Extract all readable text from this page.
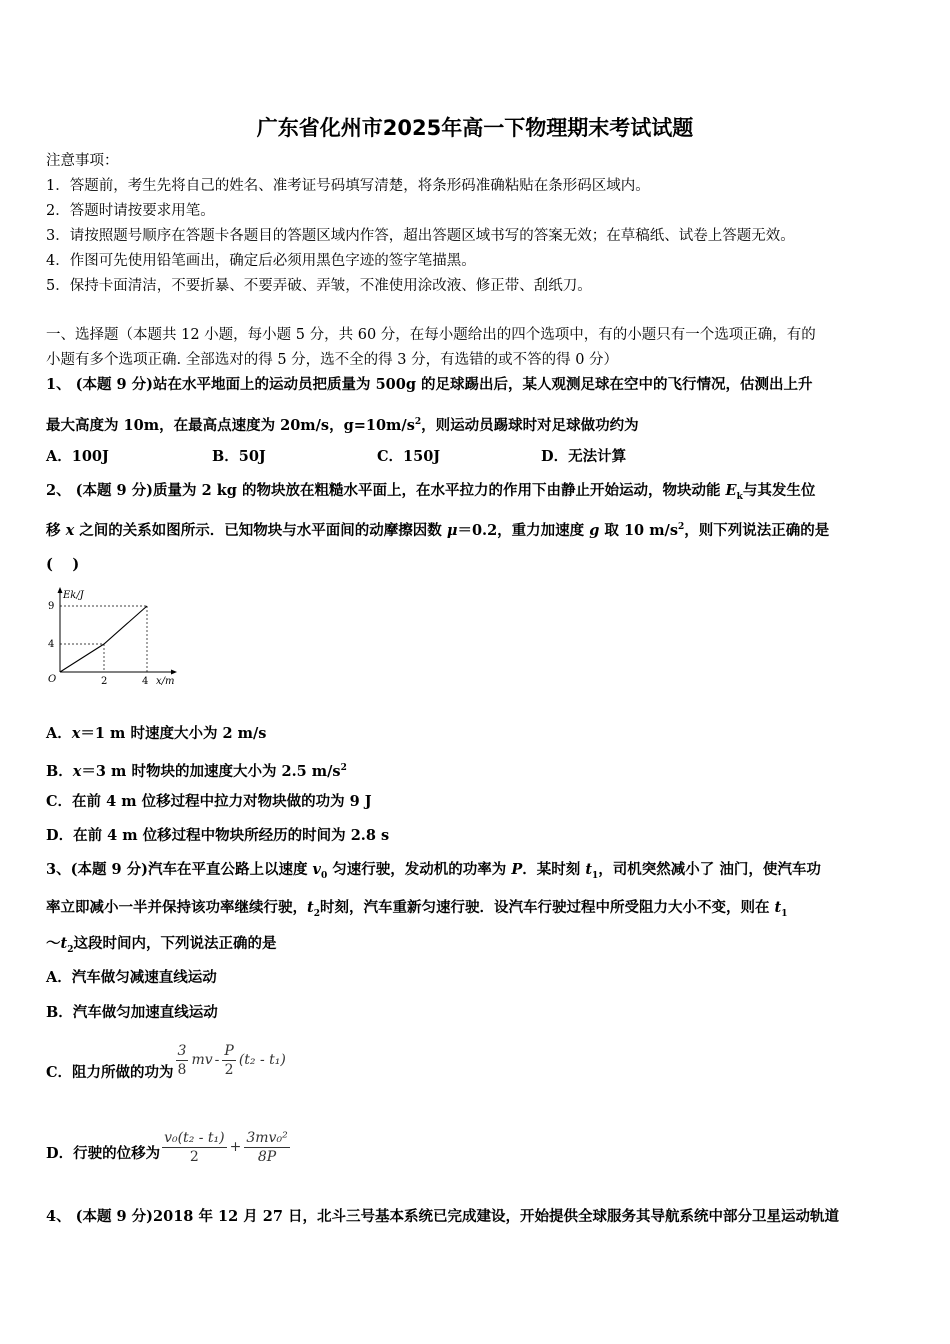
广东省化州市2025年高一下物理期末考试试题
注意事项：
1．答题前，考生先将自己的姓名、准考证号码填写清楚，将条形码准确粘贴在条形码区域内。
2．答题时请按要求用笔。
3．请按照题号顺序在答题卡各题目的答题区域内作答，超出答题区域书写的答案无效；在草稿纸、试卷上答题无效。
4．作图可先使用铅笔画出，确定后必须用黑色字迹的签字笔描黑。
5．保持卡面清洁，不要折暴、不要弄破、弄皱，不准使用涂改液、修正带、刮纸刀。
一、选择题（本题共 12 小题，每小题 5 分，共 60 分，在每小题给出的四个选项中，有的小题只有一个选项正确，有的
小题有多个选项正确. 全部选对的得 5 分，选不全的得 3 分，有选错的或不答的得 0 分）
1、 (本题 9 分)站在水平地面上的运动员把质量为 500g 的足球踢出后，某人观测足球在空中的飞行情况，估测出上升
最大高度为 10m，在最高点速度为 20m/s，$g=10m/s^2$，则运动员踢球时对足球做功约为
A．100J	B．50J	C．150J	D．无法计算
2、 (本题 9 分)质量为 2 kg 的物块放在粗糙水平面上，在水平拉力的作用下由静止开始运动，物块动能 $E_k$与其发生位
移 x 之间的关系如图所示．已知物块与水平面间的动摩擦因数 μ＝0.2，重力加速度 g 取 10 $m/s^2$，则下列说法正确的是
(　 )
Ek/J
9
4
O	2	4 x/m
A．x＝1 m 时速度大小为 2 m/s
B．x＝3 m 时物块的加速度大小为 2.5 $m/s^2$
C．在前 4 m 位移过程中拉力对物块做的功为 9 J
D．在前 4 m 位移过程中物块所经历的时间为 2.8 s
3、(本题 9 分)汽车在平直公路上以速度 $v_0$ 匀速行驶，发动机的功率为 P．某时刻 $t_1$，司机突然减小了 油门，使汽车功
率立即减小一半并保持该功率继续行驶，$t_2$时刻，汽车重新匀速行驶．设汽车行驶过程中所受阻力大小不变，则在 $t_1$
$\sim t_2$这段时间内，下列说法正确的是
A．汽车做匀减速直线运动
B．汽车做匀加速直线运动
C．阻力所做的功为 $\frac{3}{8}$ mv - $\frac{P}{2} (t_2 - t_1)$
D．行驶的位移为 $\frac{\text{v₀(t₂ - t₁)}}{2} + \frac{\text{3mv₀²}}{8P}$
4、 (本题 9 分)2018 年 12 月 27 日，北斗三号基本系统已完成建设，开始提供全球服务其导航系统中部分卫星运动轨道
